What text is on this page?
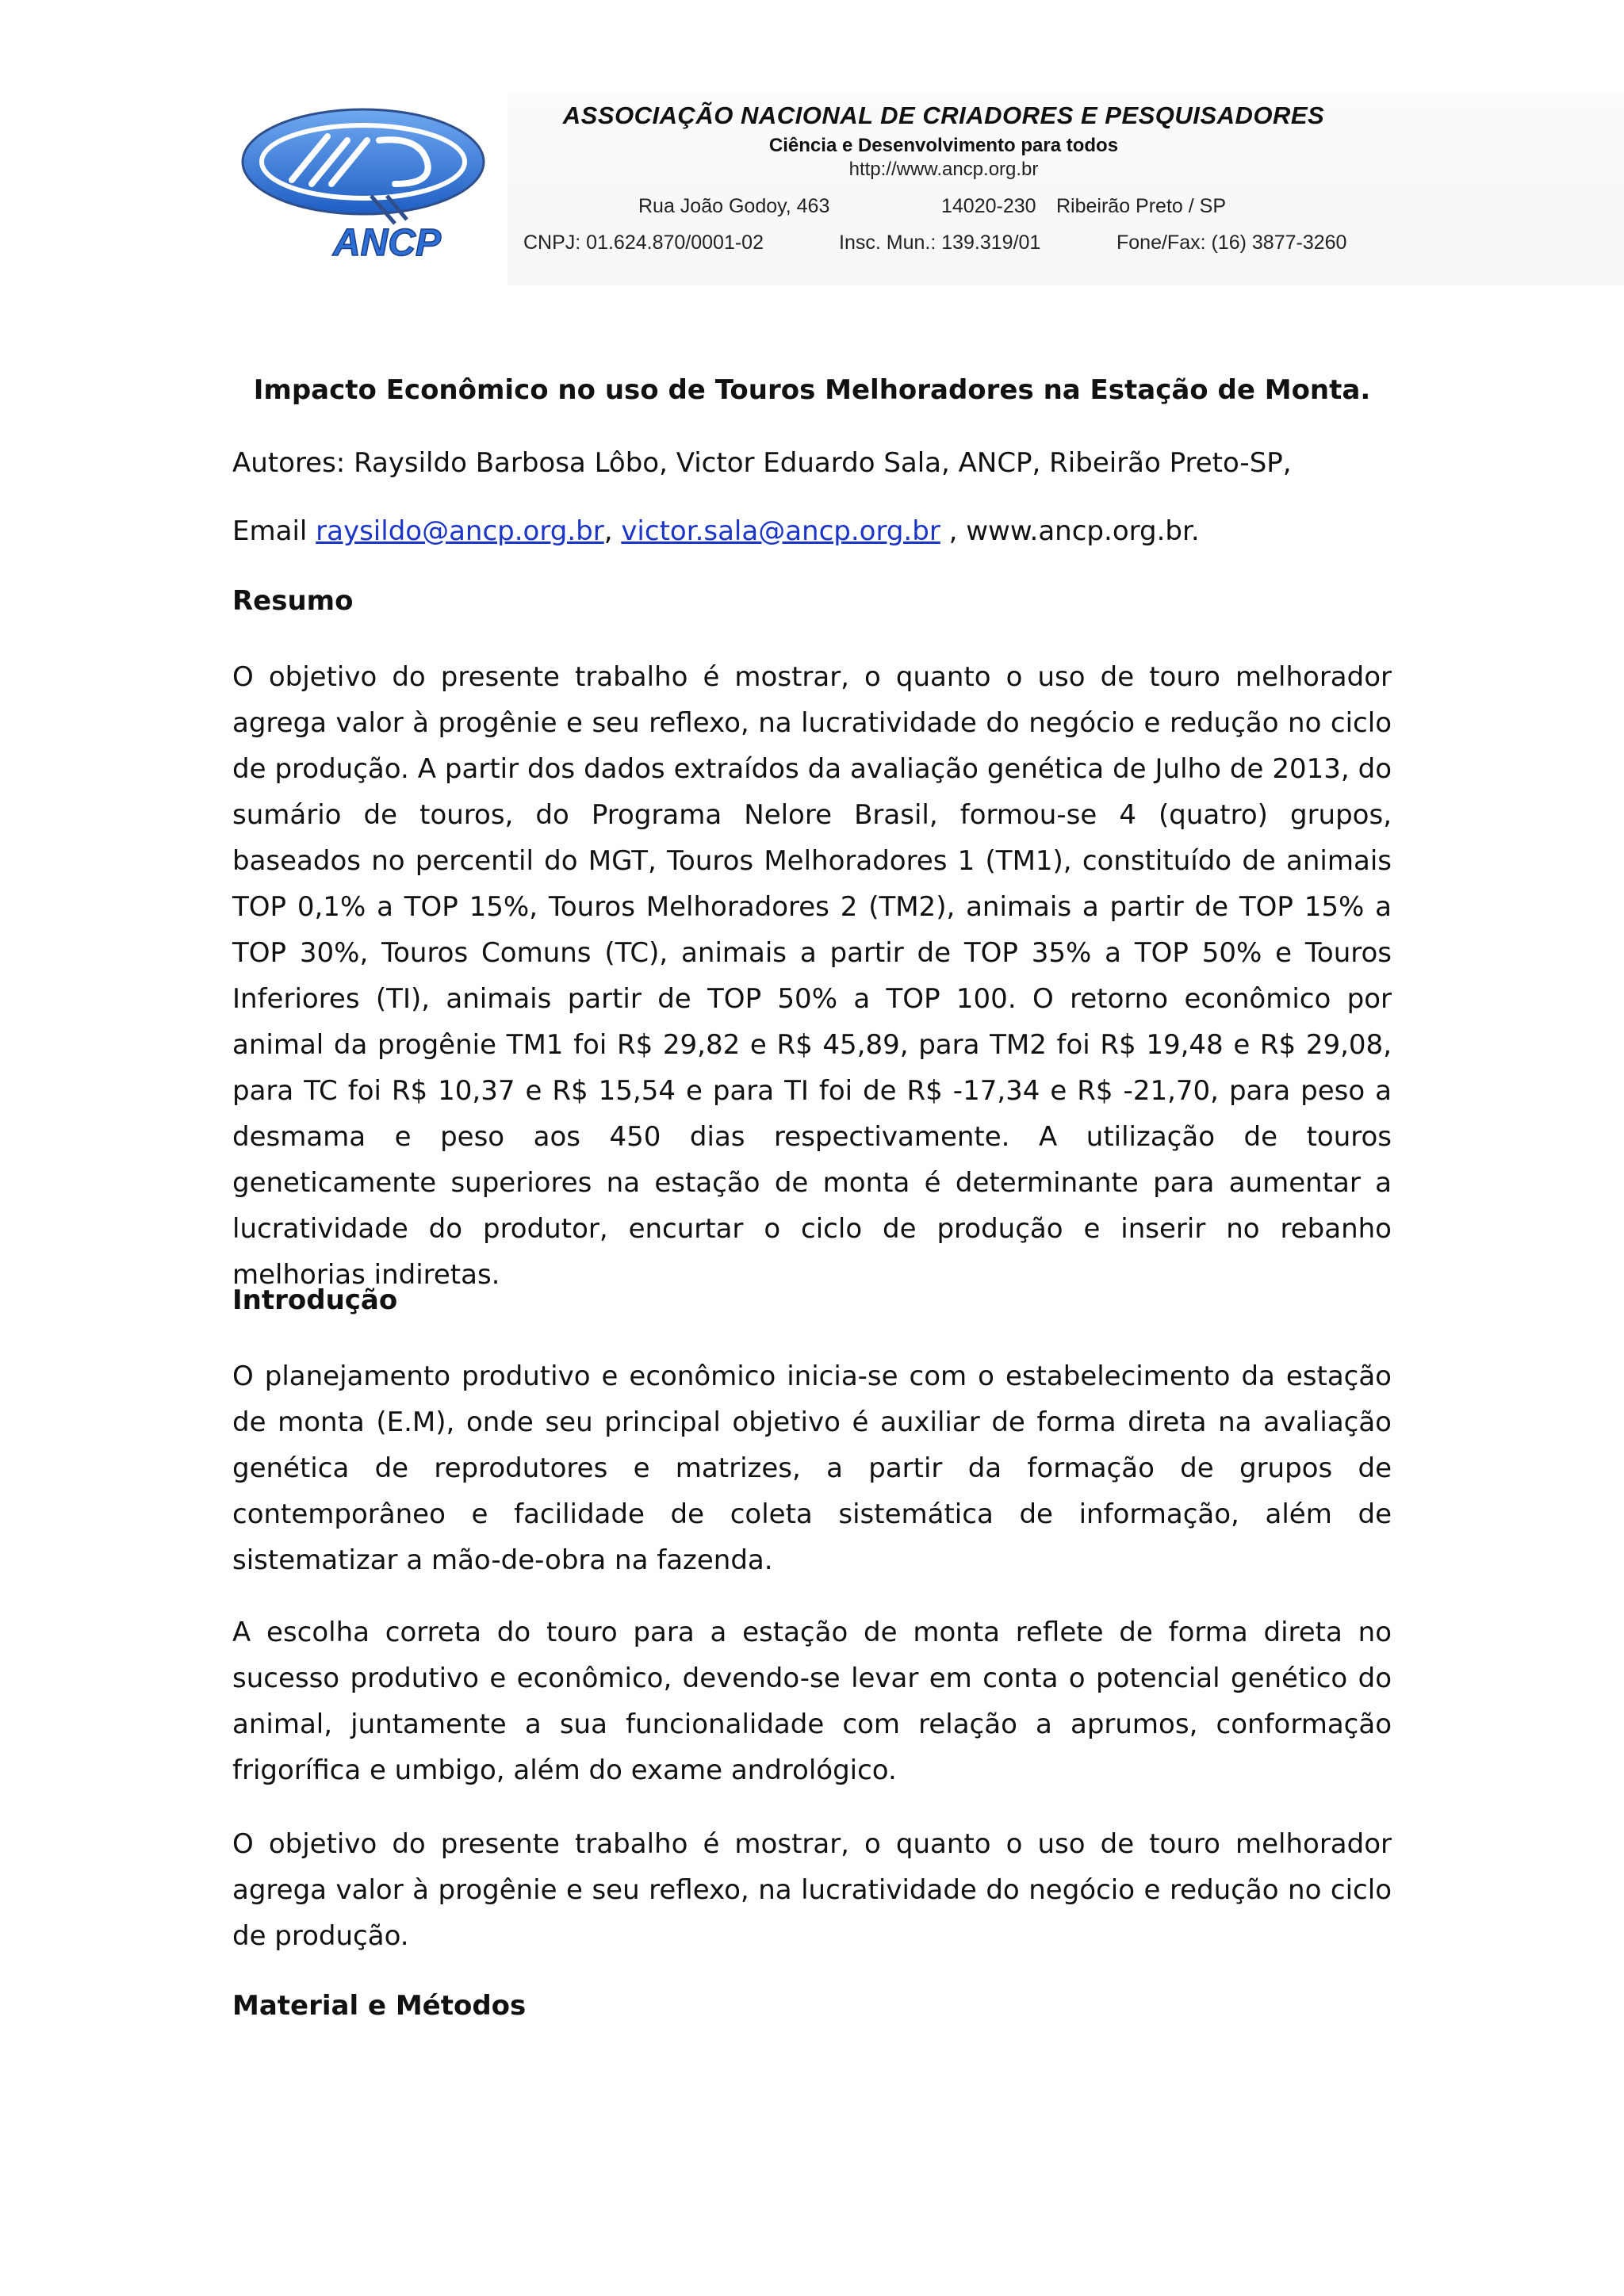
ANCP
ASSOCIAÇÃO NACIONAL DE CRIADORES E PESQUISADORES
Ciência e Desenvolvimento para todos
http://www.ancp.org.br
Rua João Godoy, 463	14020-230 Ribeirão Preto / SP
CNPJ: 01.624.870/0001-02	Insc. Mun.: 139.319/01	Fone/Fax: (16) 3877-3260
Impacto Econômico no uso de Touros Melhoradores na Estação de Monta.
Autores: Raysildo Barbosa Lôbo, Victor Eduardo Sala, ANCP, Ribeirão Preto-SP,
Email raysildo@ancp.org.br, victor.sala@ancp.org.br , www.ancp.org.br.
Resumo

O objetivo do presente trabalho é mostrar, o quanto o uso de touro melhorador agrega valor à progênie e seu reflexo, na lucratividade do negócio e redução no ciclo de produção. A partir dos dados extraídos da avaliação genética de Julho de 2013, do sumário de touros, do Programa Nelore Brasil, formou-se 4 (quatro) grupos, baseados no percentil do MGT, Touros Melhoradores 1 (TM1), constituído de animais TOP 0,1% a TOP 15%, Touros Melhoradores 2 (TM2), animais a partir de TOP 15% a TOP 30%, Touros Comuns (TC), animais a partir de TOP 35% a TOP 50% e Touros Inferiores (TI), animais partir de TOP 50% a TOP 100. O retorno econômico por animal da progênie TM1 foi R$ 29,82 e R$ 45,89, para TM2 foi R$ 19,48 e R$ 29,08, para TC foi R$ 10,37 e R$ 15,54 e para TI foi de R$ -17,34 e R$ -21,70, para peso a desmama e peso aos 450 dias respectivamente. A utilização de touros geneticamente superiores na estação de monta é determinante para aumentar a lucratividade do produtor, encurtar o ciclo de produção e inserir no rebanho melhorias indiretas.

Introdução

O planejamento produtivo e econômico inicia-se com o estabelecimento da estação de monta (E.M), onde seu principal objetivo é auxiliar de forma direta na avaliação genética de reprodutores e matrizes, a partir da formação de grupos de contemporâneo e facilidade de coleta sistemática de informação, além de sistematizar a mão-de-obra na fazenda.

A escolha correta do touro para a estação de monta reflete de forma direta no sucesso produtivo e econômico, devendo-se levar em conta o potencial genético do animal, juntamente a sua funcionalidade com relação a aprumos, conformação frigorífica e umbigo, além do exame andrológico.

O objetivo do presente trabalho é mostrar, o quanto o uso de touro melhorador agrega valor à progênie e seu reflexo, na lucratividade do negócio e redução no ciclo de produção.

Material e Métodos
